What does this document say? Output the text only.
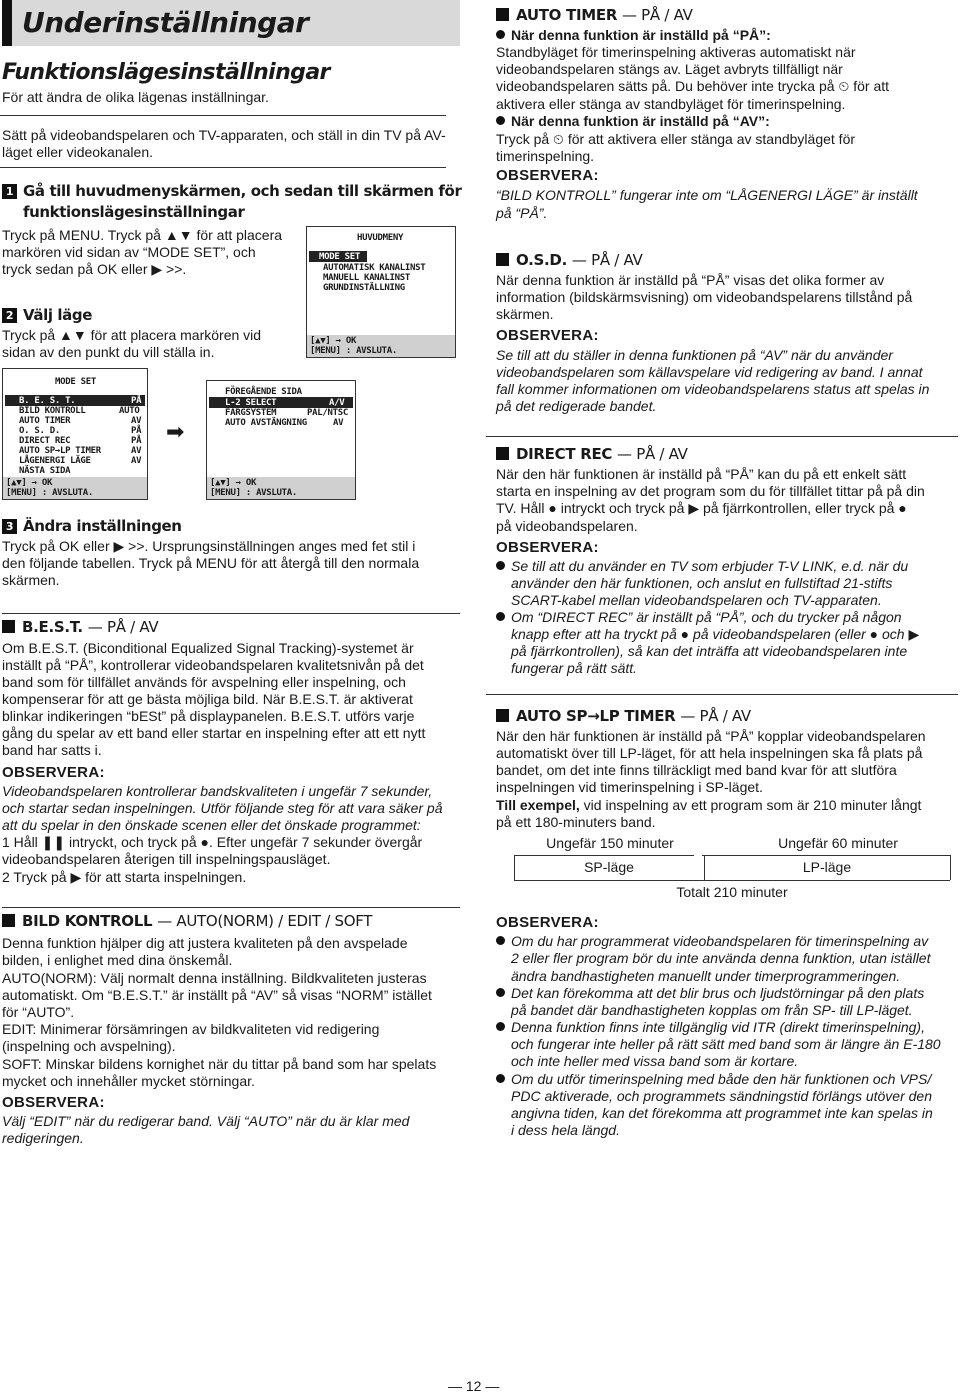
Underinställningar
Funktionslägesinställningar
För att ändra de olika lägenas inställningar.
Sätt på videobandspelaren och TV-apparaten, och ställ in din TV på AV-läget eller videokanalen.
1 Gå till huvudmenyskärmen, och sedan till skärmen för
funktionslägesinställningar
Tryck på MENU. Tryck på ▲▼ för att placera
markören vid sidan av “MODE SET”, och
tryck sedan på OK eller ▶ >>.
HUVUDMENY
MODE SET
AUTOMATISK KANALINST
MANUELL KANALINST
GRUNDINSTÄLLNING
[▲▼] → OK
[MENU] : AVSLUTA.
2 Välj läge
Tryck på ▲▼ för att placera markören vid
sidan av den punkt du vill ställa in.
MODE SET
B. E. S. T.	PÅ
BILD KONTROLL	AUTO
AUTO TIMER	AV
O. S. D.	PÅ
DIRECT REC	PÅ
AUTO SP→LP TIMER	AV
LÅGENERGI LÄGE	AV
NÄSTA SIDA
[▲▼] → OK
[MENU] : AVSLUTA.
➡
FÖREGÅENDE SIDA
L-2 SELECT	A/V
FÄRGSYSTEM	PAL/NTSC
AUTO AVSTÄNGNING	AV
[▲▼] → OK
[MENU] : AVSLUTA.
3 Ändra inställningen
Tryck på OK eller ▶ >>. Ursprungsinställningen anges med fet stil i
den följande tabellen. Tryck på MENU för att återgå till den normala
skärmen.
B.E.S.T. — PÅ / AV
Om B.E.S.T. (Biconditional Equalized Signal Tracking)-systemet är
inställt på “PÅ”, kontrollerar videobandspelaren kvalitetsnivån på det
band som för tillfället används för avspelning eller inspelning, och
kompenserar för att ge bästa möjliga bild. När B.E.S.T. är aktiverat
blinkar indikeringen “bESt” på displaypanelen. B.E.S.T. utförs varje
gång du spelar av ett band eller startar en inspelning efter att ett nytt
band har satts i.
OBSERVERA:
Videobandspelaren kontrollerar bandskvaliteten i ungefär 7 sekunder,
och startar sedan inspelningen. Utför följande steg för att vara säker på
att du spelar in den önskade scenen eller det önskade programmet:
1 Håll ❚❚ intryckt, och tryck på ●. Efter ungefär 7 sekunder övergår
videobandspelaren återigen till inspelningspausläget.
2 Tryck på ▶ för att starta inspelningen.
BILD KONTROLL — AUTO(NORM) / EDIT / SOFT
Denna funktion hjälper dig att justera kvaliteten på den avspelade
bilden, i enlighet med dina önskemål.
AUTO(NORM): Välj normalt denna inställning. Bildkvaliteten justeras
automatiskt. Om “B.E.S.T.” är inställt på “AV” så visas “NORM” istället
för “AUTO”.
EDIT: Minimerar försämringen av bildkvaliteten vid redigering
(inspelning och avspelning).
SOFT: Minskar bildens kornighet när du tittar på band som har spelats
mycket och innehåller mycket störningar.
OBSERVERA:
Välj “EDIT” när du redigerar band. Välj “AUTO” när du är klar med
redigeringen.
AUTO TIMER — PÅ / AV
När denna funktion är inställd på “PÅ”:
Standbyläget för timerinspelning aktiveras automatiskt när
videobandspelaren stängs av. Läget avbryts tillfälligt när
videobandspelaren sätts på. Du behöver inte trycka på ⏲ för att
aktivera eller stänga av standbyläget för timerinspelning.
När denna funktion är inställd på “AV”:
Tryck på ⏲ för att aktivera eller stänga av standbyläget för
timerinspelning.
OBSERVERA:
“BILD KONTROLL” fungerar inte om “LÅGENERGI LÄGE” är inställt
på “PÅ”.
O.S.D. — PÅ / AV
När denna funktion är inställd på “PÅ” visas det olika former av
information (bildskärmsvisning) om videobandspelarens tillstånd på
skärmen.
OBSERVERA:
Se till att du ställer in denna funktionen på “AV” när du använder
videobandspelaren som källavspelare vid redigering av band. I annat
fall kommer informationen om videobandspelarens status att spelas in
på det redigerade bandet.
DIRECT REC — PÅ / AV
När den här funktionen är inställd på “PÅ” kan du på ett enkelt sätt
starta en inspelning av det program som du för tillfället tittar på på din
TV. Håll ● intryckt och tryck på ▶ på fjärrkontrollen, eller tryck på ●
på videobandspelaren.
OBSERVERA:
Se till att du använder en TV som erbjuder T-V LINK, e.d. när du
använder den här funktionen, och anslut en fullstiftad 21-stifts
SCART-kabel mellan videobandspelaren och TV-apparaten.
Om “DIRECT REC” är inställt på “PÅ”, och du trycker på någon
knapp efter att ha tryckt på ● på videobandspelaren (eller ● och ▶
på fjärrkontrollen), så kan det inträffa att videobandspelaren inte
fungerar på rätt sätt.
AUTO SP→LP TIMER — PÅ / AV
När den här funktionen är inställd på “PÅ” kopplar videobandspelaren
automatiskt över till LP-läget, för att hela inspelningen ska få plats på
bandet, om det inte finns tillräckligt med band kvar för att slutföra
inspelningen vid timerinspelning i SP-läget.
Till exempel, vid inspelning av ett program som är 210 minuter långt
på ett 180-minuters band.
Ungefär 150 minuter	Ungefär 60 minuter
SP-läge	LP-läge
Totalt 210 minuter
OBSERVERA:
Om du har programmerat videobandspelaren för timerinspelning av
2 eller fler program bör du inte använda denna funktion, utan istället
ändra bandhastigheten manuellt under timerprogrammeringen.
Det kan förekomma att det blir brus och ljudstörningar på den plats
på bandet där bandhastigheten kopplas om från SP- till LP-läget.
Denna funktion finns inte tillgänglig vid ITR (direkt timerinspelning),
och fungerar inte heller på rätt sätt med band som är längre än E-180
och inte heller med vissa band som är kortare.
Om du utför timerinspelning med både den här funktionen och VPS/
PDC aktiverade, och programmets sändningstid förlängs utöver den
angivna tiden, kan det förekomma att programmet inte kan spelas in
i dess hela längd.
— 12 —
